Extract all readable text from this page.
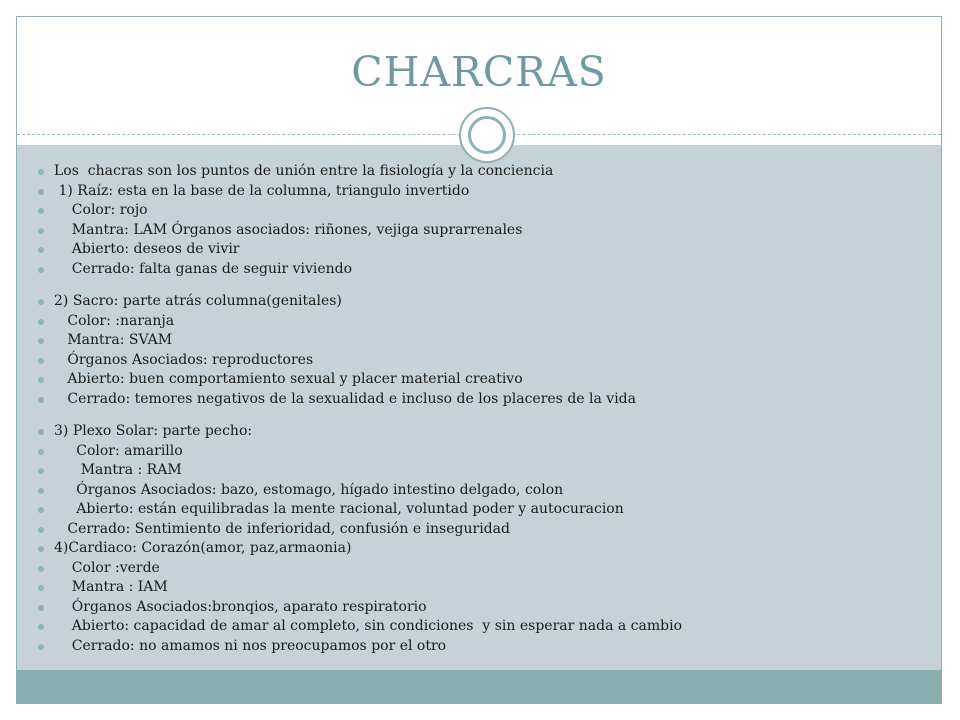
CHARCRAS
Los  chacras son los puntos de unión entre la fisiología y la conciencia
1) Raíz: esta en la base de la columna, triangulo invertido
Color: rojo
Mantra: LAM Órganos asociados: riñones, vejiga suprarrenales
Abierto: deseos de vivir
Cerrado: falta ganas de seguir viviendo
2) Sacro: parte atrás columna(genitales)
Color: :naranja
Mantra: SVAM
Órganos Asociados: reproductores
Abierto: buen comportamiento sexual y placer material creativo
Cerrado: temores negativos de la sexualidad e incluso de los placeres de la vida
3) Plexo Solar: parte pecho:
Color: amarillo
Mantra : RAM
Órganos Asociados: bazo, estomago, hígado intestino delgado, colon
Abierto: están equilibradas la mente racional, voluntad poder y autocuracion
Cerrado: Sentimiento de inferioridad, confusión e inseguridad
4)Cardiaco: Corazón(amor, paz,armaonia)
Color :verde
Mantra : IAM
Órganos Asociados:bronqios, aparato respiratorio
Abierto: capacidad de amar al completo, sin condiciones  y sin esperar nada a cambio
Cerrado: no amamos ni nos preocupamos por el otro
